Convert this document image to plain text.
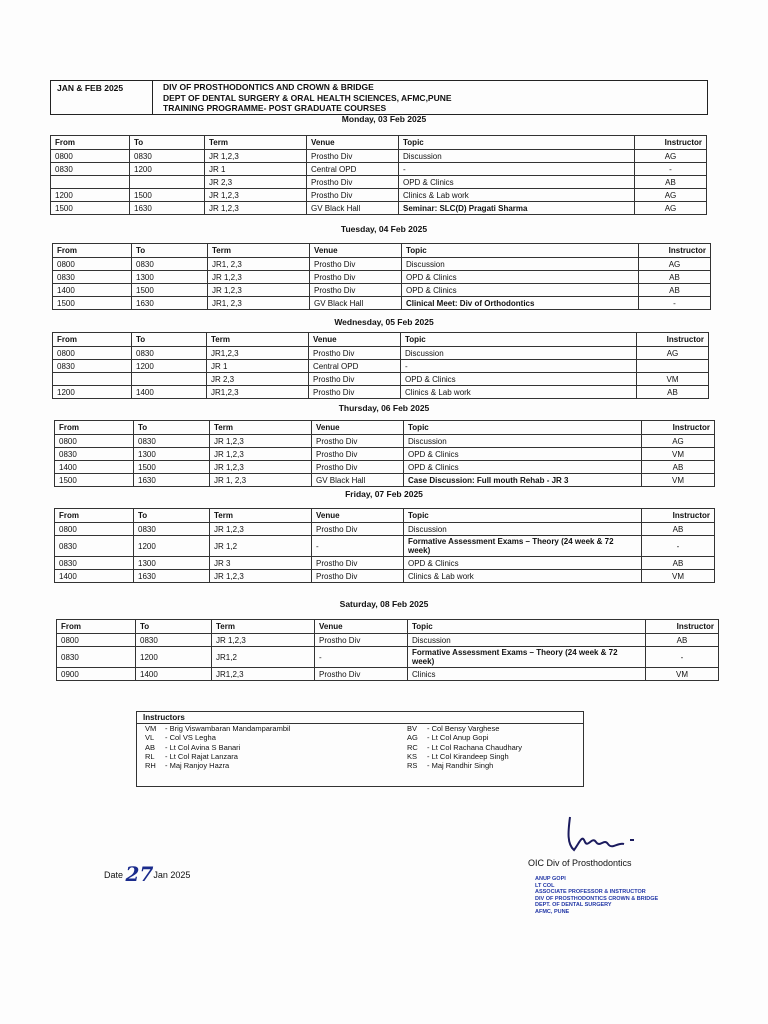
JAN & FEB 2025	DIV OF PROSTHODONTICS AND CROWN & BRIDGE
DEPT OF DENTAL SURGERY & ORAL HEALTH SCIENCES, AFMC,PUNE
TRAINING PROGRAMME- POST GRADUATE COURSES
Monday, 03 Feb 2025
From	To	Term	Venue	Topic	Instructor
0800	0830	JR 1,2,3	Prostho Div	Discussion	AG
0830	1200	JR 1	Central OPD	-	-
		JR 2,3	Prostho Div	OPD & Clinics	AB
1200	1500	JR 1,2,3	Prostho Div	Clinics & Lab work	AG
1500	1630	JR 1,2,3	GV Black Hall	Seminar: SLC(D) Pragati Sharma	AG
Tuesday, 04 Feb 2025
From	To	Term	Venue	Topic	Instructor
0800	0830	JR1, 2,3	Prostho Div	Discussion	AG
0830	1300	JR 1,2,3	Prostho Div	OPD & Clinics	AB
1400	1500	JR 1,2,3	Prostho Div	OPD & Clinics	AB
1500	1630	JR1, 2,3	GV Black Hall	Clinical Meet: Div of Orthodontics	-
Wednesday, 05 Feb 2025
From	To	Term	Venue	Topic	Instructor
0800	0830	JR1,2,3	Prostho Div	Discussion	AG
0830	1200	JR 1	Central OPD	-	
		JR 2,3	Prostho Div	OPD & Clinics	VM
1200	1400	JR1,2,3	Prostho Div	Clinics & Lab work	AB
Thursday, 06 Feb 2025
From	To	Term	Venue	Topic	Instructor
0800	0830	JR 1,2,3	Prostho Div	Discussion	AG
0830	1300	JR 1,2,3	Prostho Div	OPD & Clinics	VM
1400	1500	JR 1,2,3	Prostho Div	OPD & Clinics	AB
1500	1630	JR 1, 2,3	GV Black Hall	Case Discussion: Full mouth Rehab - JR 3	VM
Friday, 07 Feb 2025
From	To	Term	Venue	Topic	Instructor
0800	0830	JR 1,2,3	Prostho Div	Discussion	AB
0830	1200	JR 1,2	-	Formative Assessment Exams – Theory (24 week & 72 week)	-
0830	1300	JR 3	Prostho Div	OPD & Clinics	AB
1400	1630	JR 1,2,3	Prostho Div	Clinics & Lab work	VM
Saturday, 08 Feb 2025
From	To	Term	Venue	Topic	Instructor
0800	0830	JR 1,2,3	Prostho Div	Discussion	AB
0830	1200	JR1,2	-	Formative Assessment Exams – Theory (24 week & 72 week)	-
0900	1400	JR1,2,3	Prostho Div	Clinics	VM
Instructors
VM - Brig Viswambaran Mandamparambil
VL - Col VS Legha
AB - Lt Col Avina S Banari
RL - Lt Col Rajat Lanzara
RH - Maj Ranjoy Hazra
BV - Col Bensy Varghese
AG - Lt Col Anup Gopi
RC - Lt Col Rachana Chaudhary
KS - Lt Col Kirandeep Singh
RS - Maj Randhir Singh
Date 27Jan 2025
OIC Div of Prosthodontics
ANUP GOPI
LT COL
ASSOCIATE PROFESSOR & INSTRUCTOR
DIV OF PROSTHODONTICS CROWN & BRIDGE
DEPT. OF DENTAL SURGERY
AFMC, PUNE
